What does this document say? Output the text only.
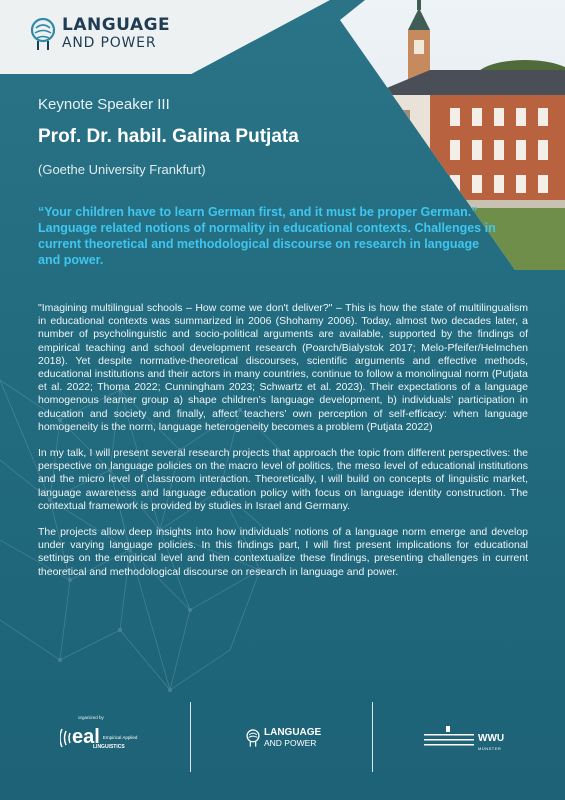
LANGUAGE
AND POWER
Keynote Speaker III
Prof. Dr. habil. Galina Putjata
(Goethe University Frankfurt)

“Your children have to learn German first, and it must be proper German.”

Language related notions of normality in educational contexts. Challenges in current theoretical and methodological discourse on research in language and power.

"Imagining multilingual schools – How come we don't deliver?" – This is how the state of multilingualism in educational contexts was summarized in 2006 (Shohamy 2006). Today, almost two decades later, a number of psycholinguistic and socio-political arguments are available, supported by the findings of empirical teaching and school development research (Poarch/Bialystok 2017; Melo-Pfeifer/Helmchen 2018). Yet despite normative-theoretical discourses, scientific arguments and effective methods, educational institutions and their actors in many countries, continue to follow a monolingual norm (Putjata et al. 2022; Thoma 2022; Cunningham 2023; Schwartz et al. 2023). Their expectations of a language homogenous learner group a) shape children’s language development, b) individuals’ participation in education and society and finally, affect teachers’ own perception of self-efficacy: when language homogeneity is the norm, language heterogeneity becomes a problem (Putjata 2022)

In my talk, I will present several research projects that approach the topic from different perspectives: the perspective on language policies on the macro level of politics, the meso level of educational institutions and the micro level of classroom interaction. Theoretically, I will build on concepts of linguistic market, language awareness and language education policy with focus on language identity construction. The contextual framework is provided by studies in Israel and Germany.

The projects allow deep insights into how individuals’ notions of a language norm emerge and develop under varying language policies. In this findings part, I will first present implications for educational settings on the empirical level and then contextualize these findings, presenting challenges in current theoretical and methodological discourse on research in language and power.

organized by
eal Empirical Applied
LINGUISTICS
LANGUAGE
AND POWER	WWU
MÜNSTER
